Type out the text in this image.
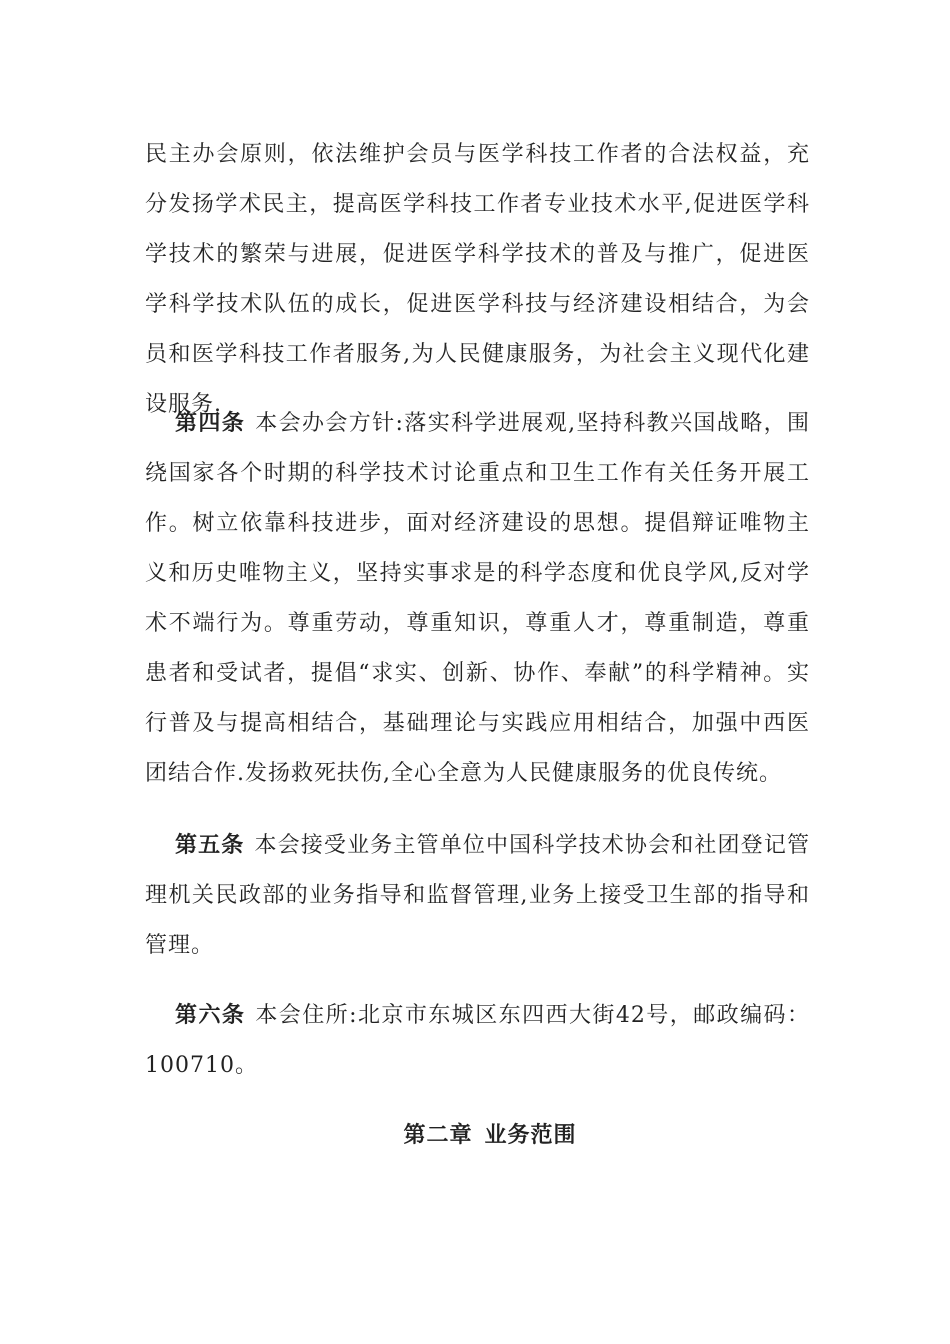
民主办会原则，依法维护会员与医学科技工作者的合法权益，充分发扬学术民主，提高医学科技工作者专业技术水平,促进医学科学技术的繁荣与进展，促进医学科学技术的普及与推广，促进医学科学技术队伍的成长，促进医学科技与经济建设相结合，为会员和医学科技工作者服务,为人民健康服务，为社会主义现代化建设服务.

第四条 本会办会方针:落实科学进展观,坚持科教兴国战略，围绕国家各个时期的科学技术讨论重点和卫生工作有关任务开展工作。树立依靠科技进步，面对经济建设的思想。提倡辩证唯物主义和历史唯物主义，坚持实事求是的科学态度和优良学风,反对学术不端行为。尊重劳动，尊重知识，尊重人才，尊重制造，尊重患者和受试者，提倡“求实、创新、协作、奉献”的科学精神。实行普及与提高相结合，基础理论与实践应用相结合，加强中西医团结合作.发扬救死扶伤,全心全意为人民健康服务的优良传统。

第五条 本会接受业务主管单位中国科学技术协会和社团登记管理机关民政部的业务指导和监督管理,业务上接受卫生部的指导和管理。

第六条 本会住所:北京市东城区东四西大街42号，邮政编码：100710。

第二章 业务范围
